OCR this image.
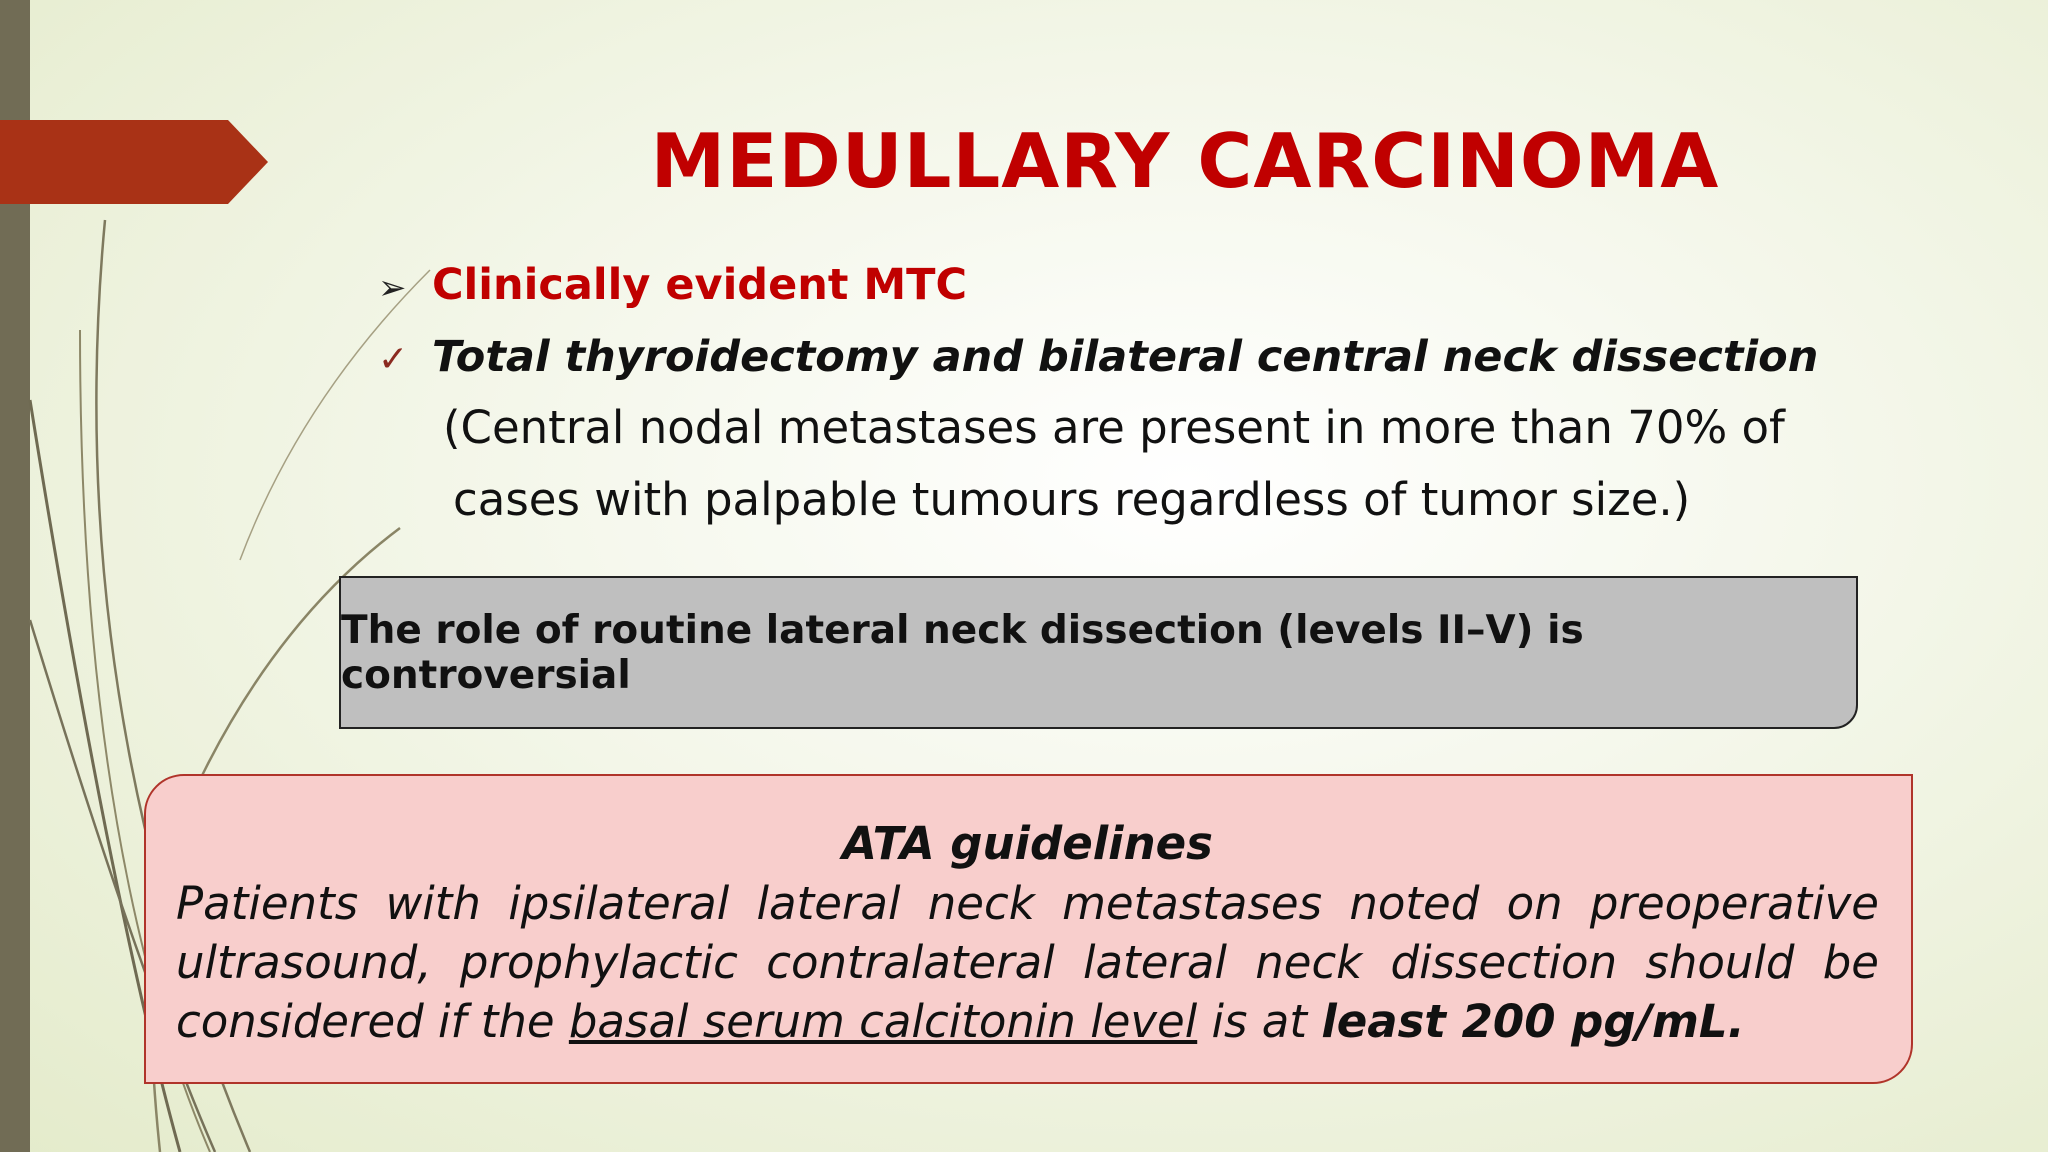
MEDULLARY CARCINOMA
➢ Clinically evident MTC
✓ Total thyroidectomy and bilateral central neck dissection
(Central nodal metastases are present in more than 70% of
cases with palpable tumours regardless of tumor size.)
The role of routine lateral neck dissection (levels II–V) is controversial
ATA guidelines
Patients with ipsilateral lateral neck metastases noted on preoperative ultrasound, prophylactic contralateral lateral neck dissection should be considered if the basal serum calcitonin level is at least 200 pg/mL.
